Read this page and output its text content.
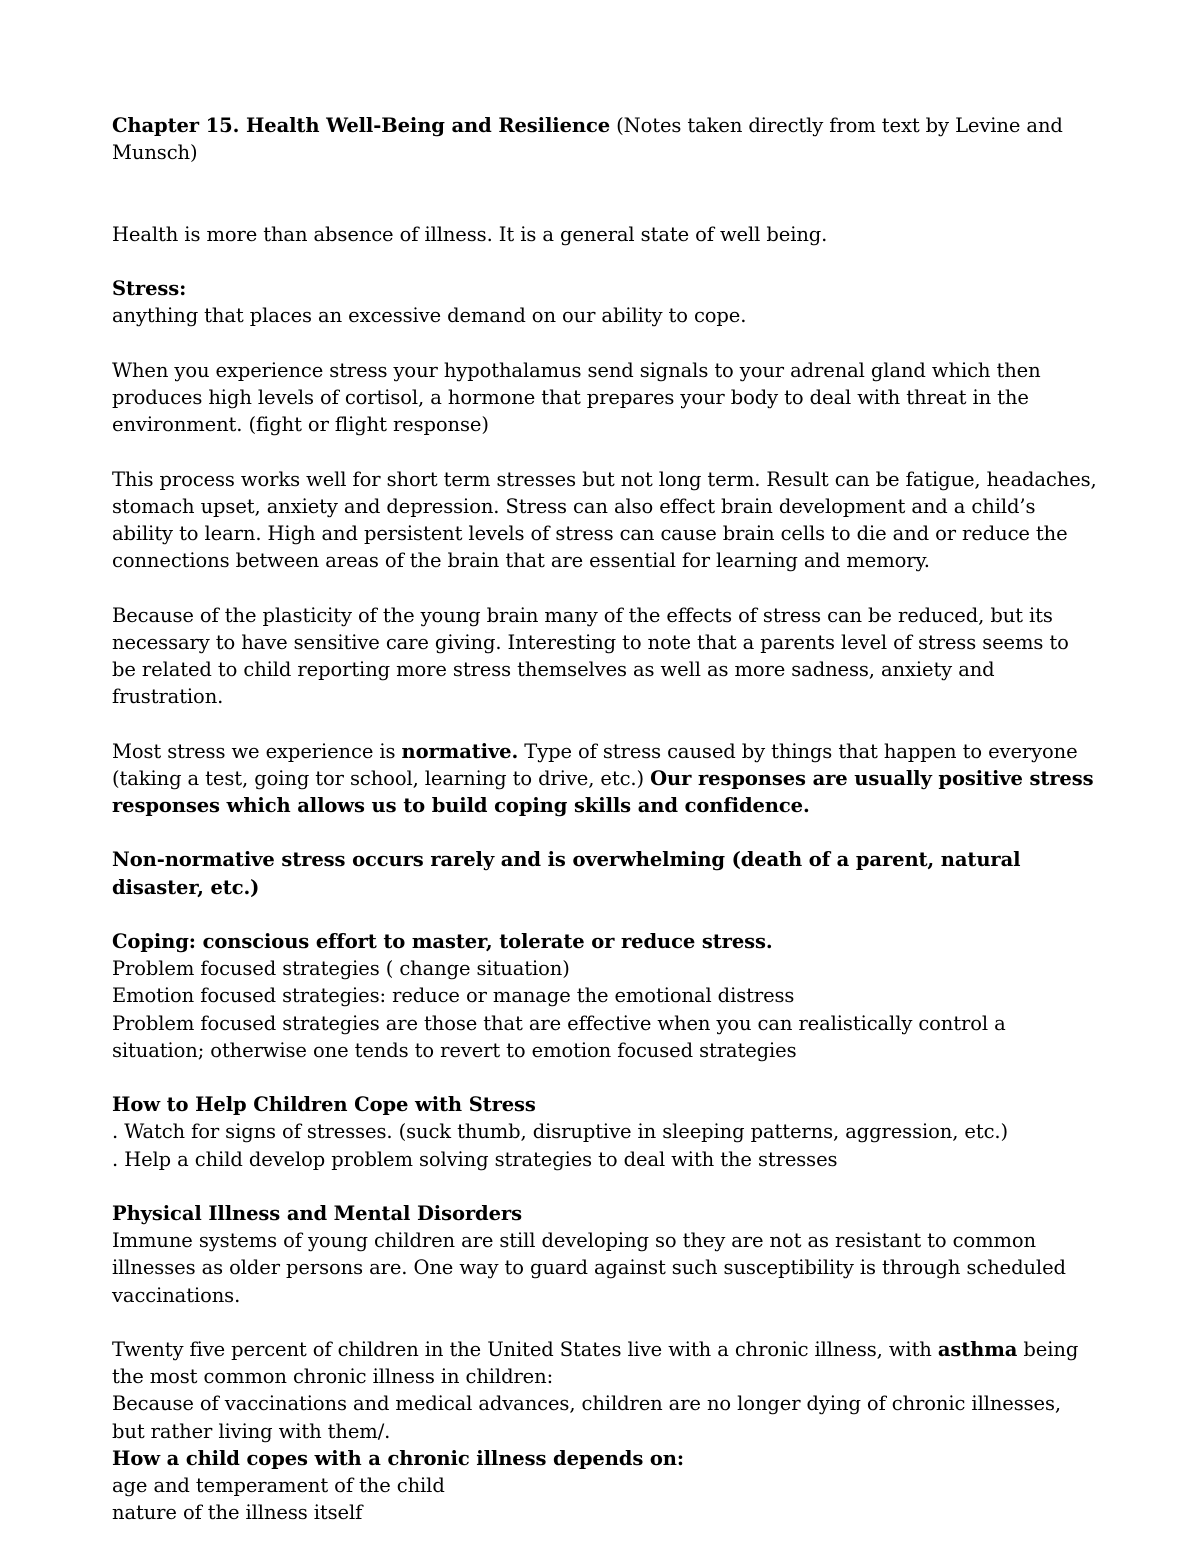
Chapter 15. Health Well-Being and Resilience (Notes taken directly from text by Levine and Munsch)

Health is more than absence of illness. It is a general state of well being.

Stress:

anything that places an excessive demand on our ability to cope.

When you experience stress your hypothalamus send signals to your adrenal gland which then produces high levels of cortisol, a hormone that prepares your body to deal with threat in the environment. (fight or flight response)

This process works well for short term stresses but not long term. Result can be fatigue, headaches, stomach upset, anxiety and depression. Stress can also effect brain development and a child’s ability to learn. High and persistent levels of stress can cause brain cells to die and or reduce the connections between areas of the brain that are essential for learning and memory.

Because of the plasticity of the young brain many of the effects of stress can be reduced, but its necessary to have sensitive care giving. Interesting to note that a parents level of stress seems to be related to child reporting more stress themselves as well as more sadness, anxiety and frustration.

Most stress we experience is normative. Type of stress caused by things that happen to everyone (taking a test, going tor school, learning to drive, etc.) Our responses are usually positive stress responses which allows us to build coping skills and confidence.

Non-normative stress occurs rarely and is overwhelming (death of a parent, natural disaster, etc.)

Coping: conscious effort to master, tolerate or reduce stress.

Problem focused strategies ( change situation)

Emotion focused strategies: reduce or manage the emotional distress

Problem focused strategies are those that are effective when you can realistically control a situation; otherwise one tends to revert to emotion focused strategies

How to Help Children Cope with Stress

. Watch for signs of stresses. (suck thumb, disruptive in sleeping patterns, aggression, etc.)

. Help a child develop problem solving strategies to deal with the stresses

Physical Illness and Mental Disorders

Immune systems of young children are still developing so they are not as resistant to common illnesses as older persons are. One way to guard against such susceptibility is through scheduled vaccinations.

Twenty five percent of children in the United States live with a chronic illness, with asthma being the most common chronic illness in children:

Because of vaccinations and medical advances, children are no longer dying of chronic illnesses, but rather living with them/.

How a child copes with a chronic illness depends on:

age and temperament of the child

nature of the illness itself
